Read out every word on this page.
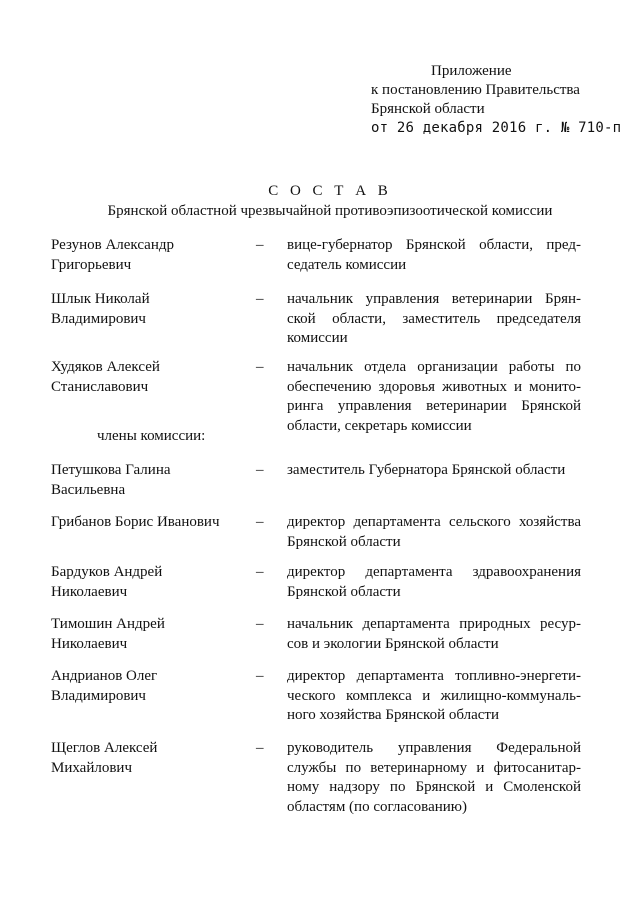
Приложение
к постановлению Правительства
Брянской области
от 26 декабря 2016 г. № 710-п
С О С Т А В
Брянской областной чрезвычайной противоэпизоотической комиссии
члены комиссии:
Резунов Александр
Григорьевич
– вице-губернатор Брянской области, пред-
седатель комиссии
Шлык Николай
Владимирович
– начальник управления ветеринарии Брян-
ской области, заместитель председателя
комиссии
Худяков Алексей
Станиславович
– начальник отдела организации работы по
обеспечению здоровья животных и монито-
ринга управления ветеринарии Брянской
области, секретарь комиссии
Петушкова Галина
Васильевна
– заместитель Губернатора Брянской области
Грибанов Борис Иванович	– директор департамента сельского хозяйства
Брянской области
Бардуков Андрей
Николаевич
– директор департамента здравоохранения
Брянской области
Тимошин Андрей
Николаевич
– начальник департамента природных ресур-
сов и экологии Брянской области
Андрианов Олег
Владимирович
– директор департамента топливно-энергети-
ческого комплекса и жилищно-коммуналь-
ного хозяйства Брянской области
Щеглов Алексей
Михайлович
– руководитель управления Федеральной
службы по ветеринарному и фитосанитар-
ному надзору по Брянской и Смоленской
областям (по согласованию)
